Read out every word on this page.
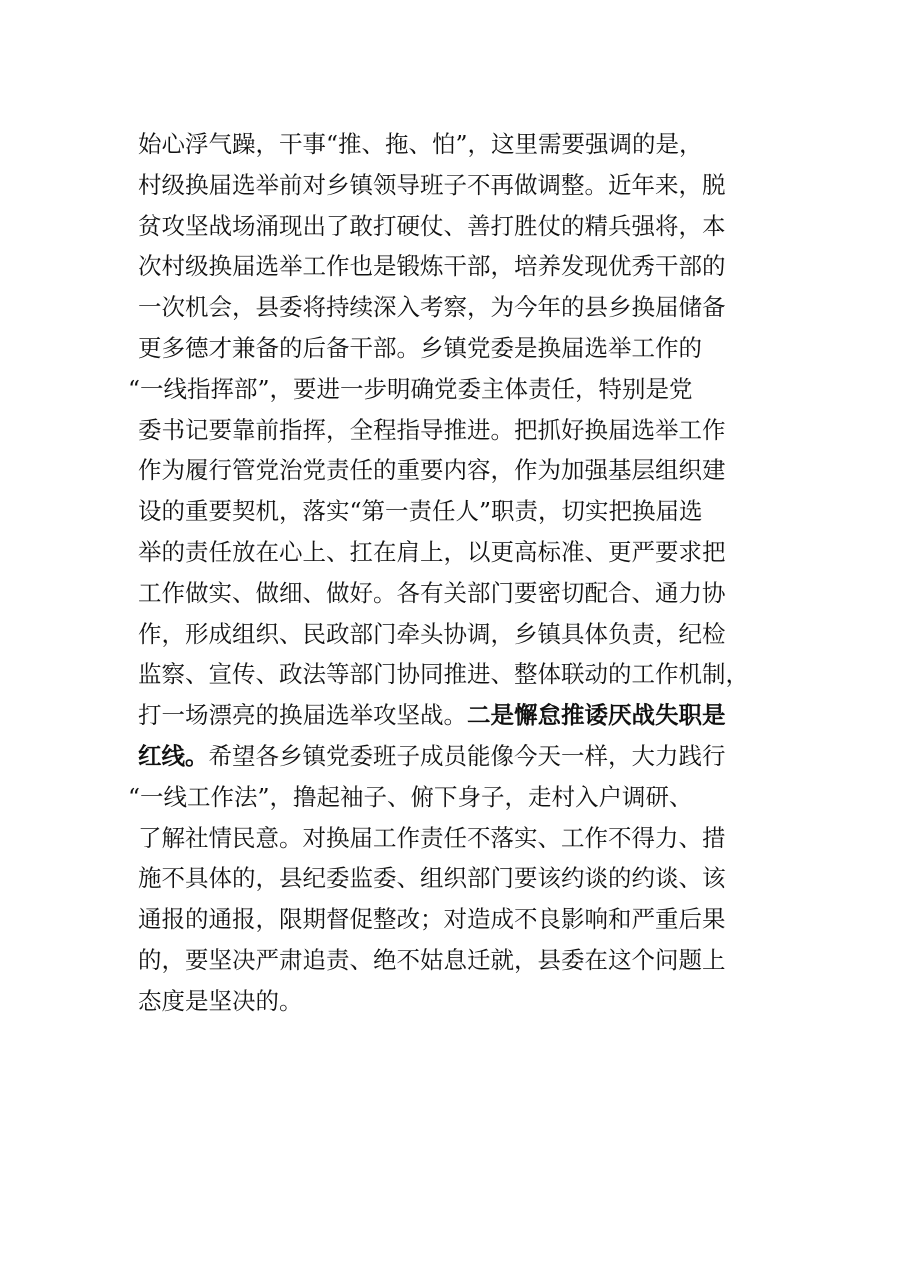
始心浮气躁，干事“推、拖、怕”，这里需要强调的是，
村级换届选举前对乡镇领导班子不再做调整。近年来，脱
贫攻坚战场涌现出了敢打硬仗、善打胜仗的精兵强将，本
次村级换届选举工作也是锻炼干部，培养发现优秀干部的
一次机会，县委将持续深入考察，为今年的县乡换届储备
更多德才兼备的后备干部。乡镇党委是换届选举工作的
“一线指挥部”，要进一步明确党委主体责任，特别是党
委书记要靠前指挥，全程指导推进。把抓好换届选举工作
作为履行管党治党责任的重要内容，作为加强基层组织建
设的重要契机，落实“第一责任人”职责，切实把换届选
举的责任放在心上、扛在肩上，以更高标准、更严要求把
工作做实、做细、做好。各有关部门要密切配合、通力协
作，形成组织、民政部门牵头协调，乡镇具体负责，纪检
监察、宣传、政法等部门协同推进、整体联动的工作机制，
打一场漂亮的换届选举攻坚战。二是懈怠推诿厌战失职是
红线。希望各乡镇党委班子成员能像今天一样，大力践行
“一线工作法”，撸起袖子、俯下身子，走村入户调研、
了解社情民意。对换届工作责任不落实、工作不得力、措
施不具体的，县纪委监委、组织部门要该约谈的约谈、该
通报的通报，限期督促整改；对造成不良影响和严重后果
的，要坚决严肃追责、绝不姑息迁就，县委在这个问题上
态度是坚决的。
